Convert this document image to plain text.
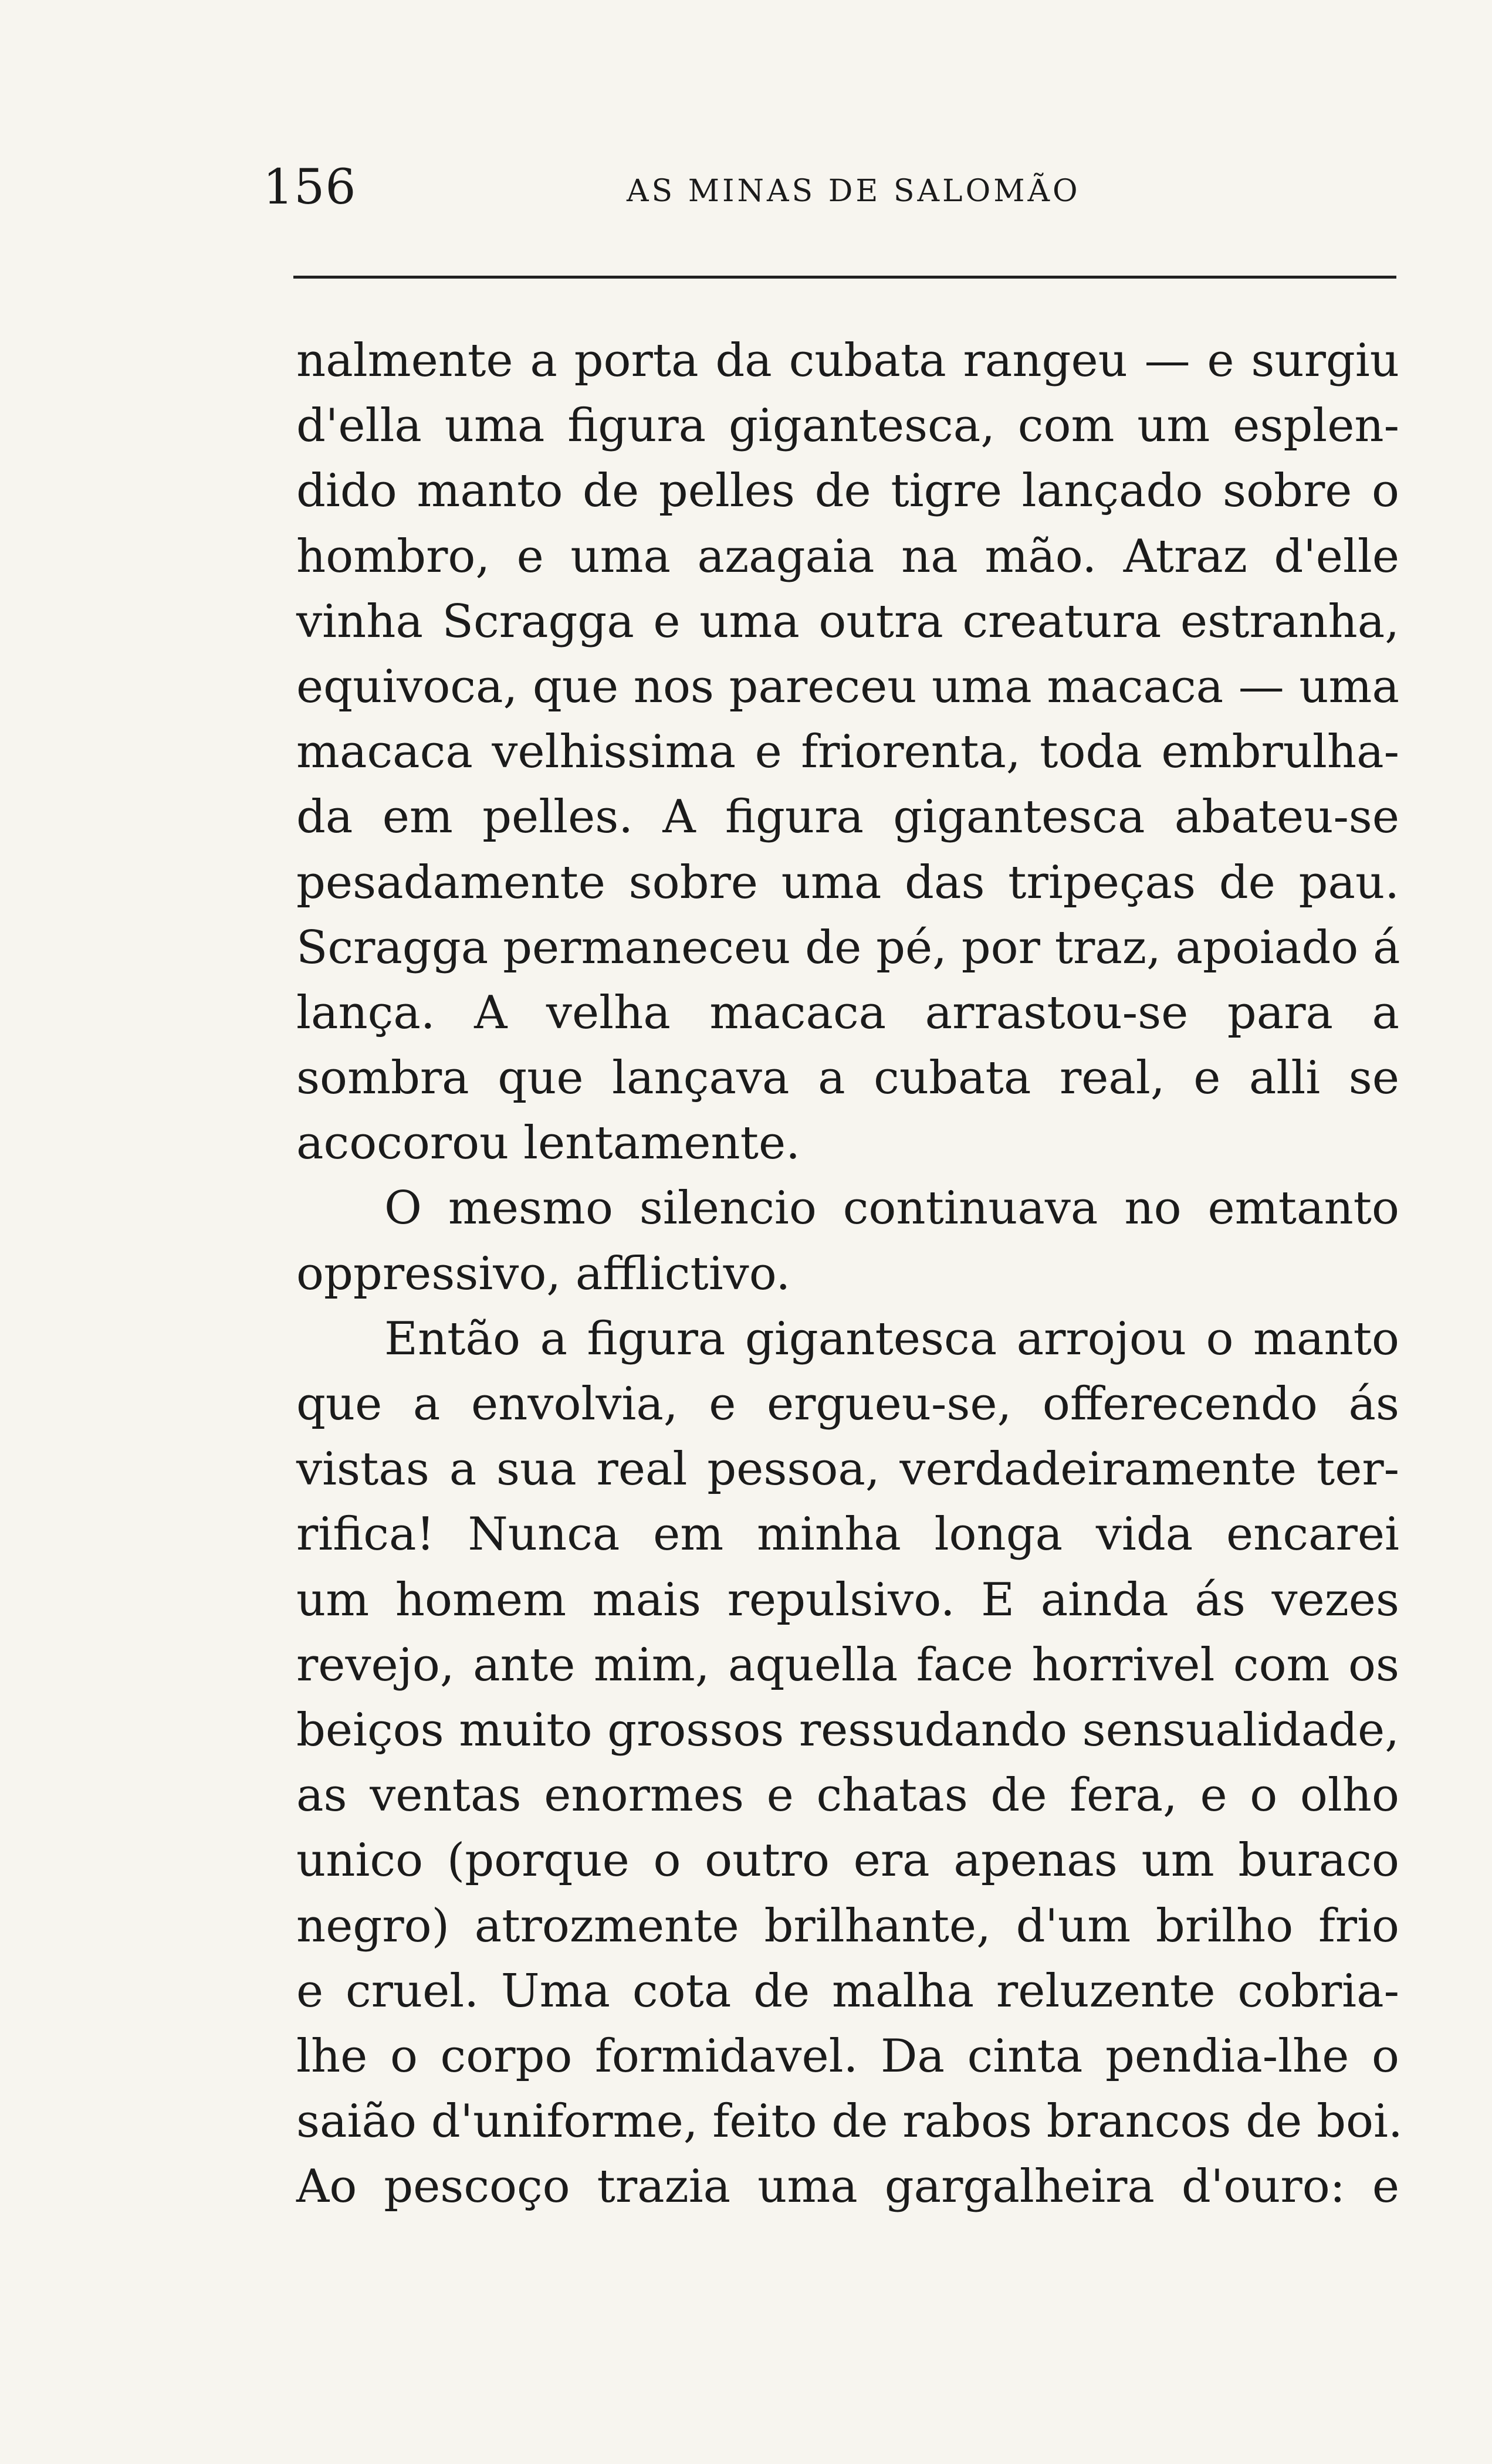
156	AS MINAS DE SALOMÃO
nalmente a porta da cubata rangeu — e surgiu
d'ella uma figura gigantesca, com um esplen-
dido manto de pelles de tigre lançado sobre o
hombro, e uma azagaia na mão. Atraz d'elle
vinha Scragga e uma outra creatura estranha,
equivoca, que nos pareceu uma macaca — uma
macaca velhissima e friorenta, toda embrulha-
da em pelles. A figura gigantesca abateu-se
pesadamente sobre uma das tripeças de pau.
Scragga permaneceu de pé, por traz, apoiado á
lança. A velha macaca arrastou-se para a
sombra que lançava a cubata real, e alli se
acocorou lentamente.
O mesmo silencio continuava no emtanto
oppressivo, afflictivo.
Então a figura gigantesca arrojou o manto
que a envolvia, e ergueu-se, offerecendo ás
vistas a sua real pessoa, verdadeiramente ter-
rifica! Nunca em minha longa vida encarei
um homem mais repulsivo. E ainda ás vezes
revejo, ante mim, aquella face horrivel com os
beiços muito grossos ressudando sensualidade,
as ventas enormes e chatas de fera, e o olho
unico (porque o outro era apenas um buraco
negro) atrozmente brilhante, d'um brilho frio
e cruel. Uma cota de malha reluzente cobria-
lhe o corpo formidavel. Da cinta pendia-lhe o
saião d'uniforme, feito de rabos brancos de boi.
Ao pescoço trazia uma gargalheira d'ouro: e
